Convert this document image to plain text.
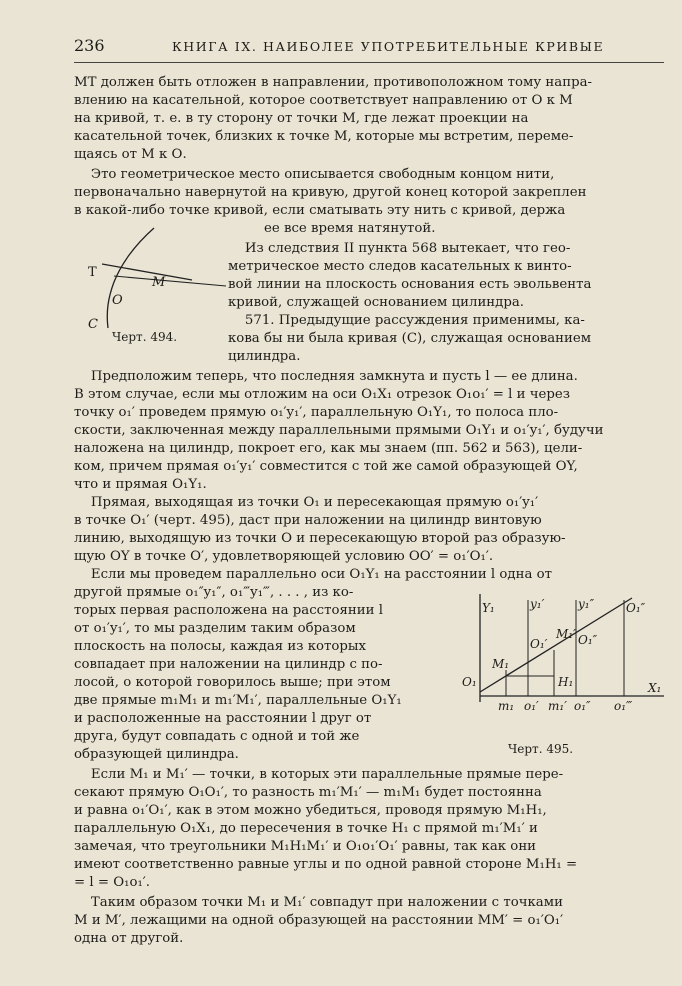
236	КНИГА IX. НАИБОЛЕЕ УПОТРЕБИТЕЛЬНЫЕ КРИВЫЕ
МТ должен быть отложен в направлении, противоположном тому напра-
влению на касательной, которое соответствует направлению от О к М
на кривой, т. е. в ту сторону от точки М, где лежат проекции на
касательной точек, близких к точке М, которые мы встретим, переме-
щаясь от М к О.
Это геометрическое место описывается свободным концом нити,
первоначально навернутой на кривую, другой конец которой закреплен
в какой-либо точке кривой, если сматывать эту нить с кривой, держа
ее все время натянутой.
Из следствия II пункта 568 вытекает, что гео-
метрическое место следов касательных к винто-
вой линии на плоскость основания есть эвольвента
кривой, служащей основанием цилиндра.
571. Предыдущие рассуждения применимы, ка-
кова бы ни была кривая (С), служащая основанием
цилиндра.
Предположим теперь, что последняя замкнута и пусть l — ее длина.
В этом случае, если мы отложим на оси O₁X₁ отрезок O₁o₁′ = l и через
точку o₁′ проведем прямую o₁′y₁′, параллельную O₁Y₁, то полоса пло-
скости, заключенная между параллельными прямыми O₁Y₁ и o₁′y₁′, будучи
наложена на цилиндр, покроет его, как мы знаем (пп. 562 и 563), цели-
ком, причем прямая o₁′y₁′ совместится с той же самой образующей OY,
что и прямая O₁Y₁.
Прямая, выходящая из точки O₁ и пересекающая прямую o₁′y₁′
в точке O₁′ (черт. 495), даст при наложении на цилиндр винтовую
линию, выходящую из точки O и пересекающую второй раз образую-
щую OY в точке O′, удовлетворяющей условию OO′ = o₁′O₁′.
Если мы проведем параллельно оси O₁Y₁ на расстоянии l одна от
другой прямые o₁″y₁″, o₁‴y₁‴, . . . , из ко-
торых первая расположена на расстоянии l
от o₁′y₁′, то мы разделим таким образом
плоскость на полосы, каждая из которых
совпадает при наложении на цилиндр с по-
лосой, о которой говорилось выше; при этом
две прямые m₁M₁ и m₁′M₁′, параллельные O₁Y₁
и расположенные на расстоянии l друг от
друга, будут совпадать с одной и той же
образующей цилиндра.
Если M₁ и M₁′ — точки, в которых эти параллельные прямые пере-
секают прямую O₁O₁′, то разность m₁′M₁′ — m₁M₁ будет постоянна
и равна o₁′O₁′, как в этом можно убедиться, проводя прямую M₁H₁,
параллельную O₁X₁, до пересечения в точке H₁ с прямой m₁′M₁′ и
замечая, что треугольники M₁H₁M₁′ и O₁o₁′O₁′ равны, так как они
имеют соответственно равные углы и по одной равной стороне M₁H₁ =
= l = O₁o₁′.
Таким образом точки M₁ и M₁′ совпадут при наложении с точками
М и М′, лежащими на одной образующей на расстоянии MM′ = o₁′O₁′
одна от другой.
T
M
O
C
Черт. 494.
Y₁	y₁′	y₁″	O₁″
M₁′
O₁′	O₁″
M₁
H₁
O₁
m₁ o₁′ m₁′ o₁″ o₁‴
X₁
Черт. 495.
